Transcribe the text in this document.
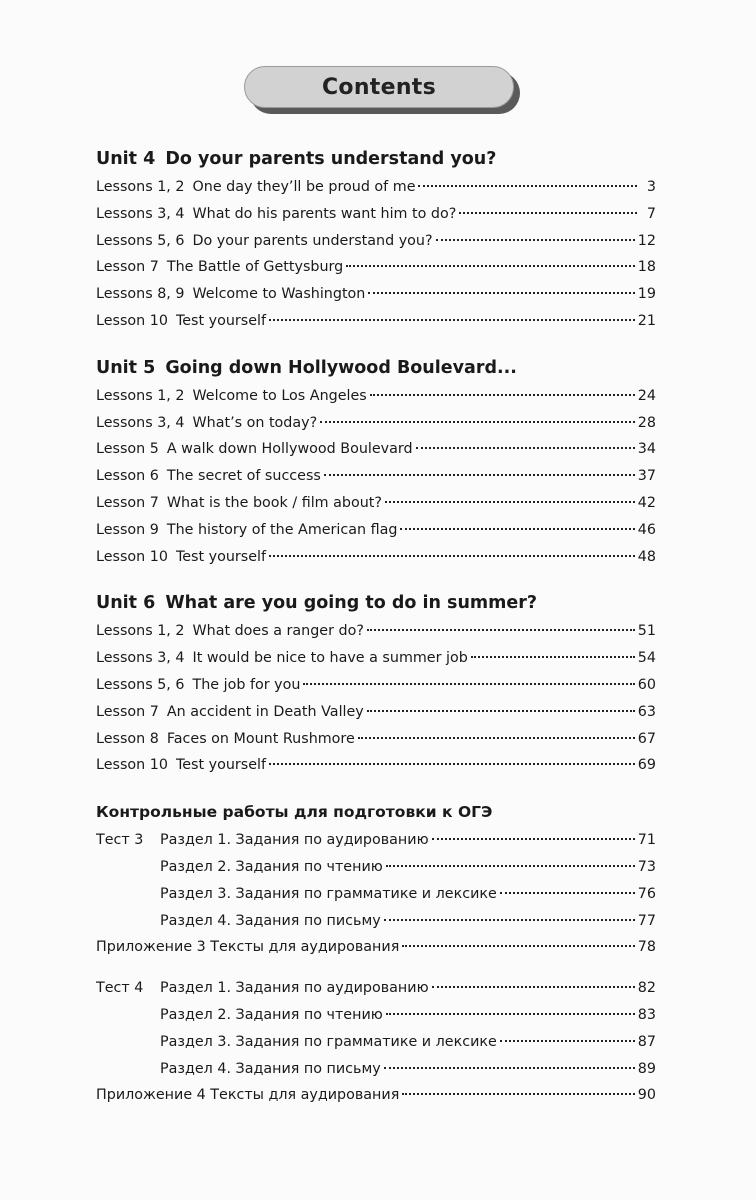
Contents
Unit 4 Do your parents understand you?
Lessons 1, 2 One day they’ll be proud of me	3
Lessons 3, 4 What do his parents want him to do?	7
Lessons 5, 6 Do your parents understand you?	12
Lesson 7 The Battle of Gettysburg	18
Lessons 8, 9 Welcome to Washington	19
Lesson 10 Test yourself	21
Unit 5 Going down Hollywood Boulevard...
Lessons 1, 2 Welcome to Los Angeles	24
Lessons 3, 4 What’s on today?	28
Lesson 5 A walk down Hollywood Boulevard	34
Lesson 6 The secret of success	37
Lesson 7 What is the book / film about?	42
Lesson 9 The history of the American flag	46
Lesson 10 Test yourself	48
Unit 6 What are you going to do in summer?
Lessons 1, 2 What does a ranger do?	51
Lessons 3, 4 It would be nice to have a summer job	54
Lessons 5, 6 The job for you	60
Lesson 7 An accident in Death Valley	63
Lesson 8 Faces on Mount Rushmore	67
Lesson 10 Test yourself	69
Контрольные работы для подготовки к ОГЭ
Тест 3 Раздел 1. Задания по аудированию	71
Раздел 2. Задания по чтению	73
Раздел 3. Задания по грамматике и лексике	76
Раздел 4. Задания по письму	77
Приложение 3 Тексты для аудирования	78
Тест 4 Раздел 1. Задания по аудированию	82
Раздел 2. Задания по чтению	83
Раздел 3. Задания по грамматике и лексике	87
Раздел 4. Задания по письму	89
Приложение 4 Тексты для аудирования	90
